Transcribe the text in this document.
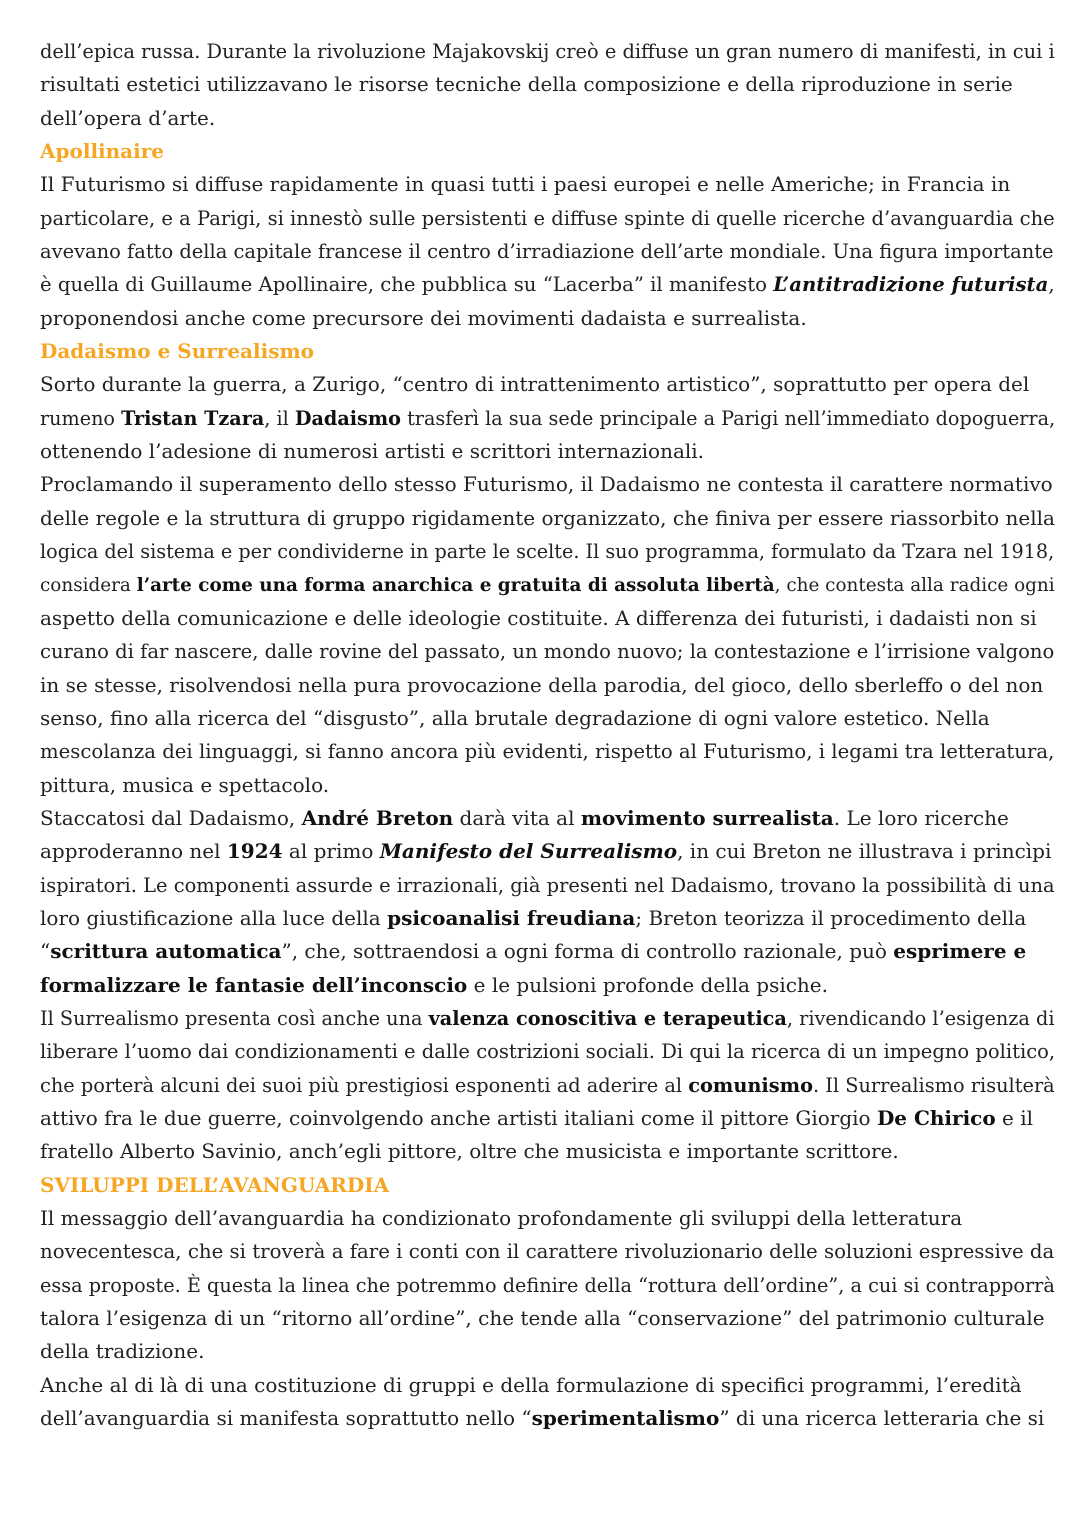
dell’epica russa. Durante la rivoluzione Majakovskij creò e diffuse un gran numero di manifesti, in cui i
risultati estetici utilizzavano le risorse tecniche della composizione e della riproduzione in serie
dell’opera d’arte.
Apollinaire
Il Futurismo si diffuse rapidamente in quasi tutti i paesi europei e nelle Americhe; in Francia in
particolare, e a Parigi, si innestò sulle persistenti e diffuse spinte di quelle ricerche d’avanguardia che
avevano fatto della capitale francese il centro d’irradiazione dell’arte mondiale. Una figura importante
è quella di Guillaume Apollinaire, che pubblica su “Lacerba” il manifesto L’antitradizione futurista,
proponendosi anche come precursore dei movimenti dadaista e surrealista.
Dadaismo e Surrealismo
Sorto durante la guerra, a Zurigo, “centro di intrattenimento artistico”, soprattutto per opera del
rumeno Tristan Tzara, il Dadaismo trasferì la sua sede principale a Parigi nell’immediato dopoguerra,
ottenendo l’adesione di numerosi artisti e scrittori internazionali.
Proclamando il superamento dello stesso Futurismo, il Dadaismo ne contesta il carattere normativo
delle regole e la struttura di gruppo rigidamente organizzato, che finiva per essere riassorbito nella
logica del sistema e per condividerne in parte le scelte. Il suo programma, formulato da Tzara nel 1918,
considera l’arte come una forma anarchica e gratuita di assoluta libertà, che contesta alla radice ogni
aspetto della comunicazione e delle ideologie costituite. A differenza dei futuristi, i dadaisti non si
curano di far nascere, dalle rovine del passato, un mondo nuovo; la contestazione e l’irrisione valgono
in se stesse, risolvendosi nella pura provocazione della parodia, del gioco, dello sberleffo o del non
senso, fino alla ricerca del “disgusto”, alla brutale degradazione di ogni valore estetico. Nella
mescolanza dei linguaggi, si fanno ancora più evidenti, rispetto al Futurismo, i legami tra letteratura,
pittura, musica e spettacolo.
Staccatosi dal Dadaismo, André Breton darà vita al movimento surrealista. Le loro ricerche
approderanno nel 1924 al primo Manifesto del Surrealismo, in cui Breton ne illustrava i princìpi
ispiratori. Le componenti assurde e irrazionali, già presenti nel Dadaismo, trovano la possibilità di una
loro giustificazione alla luce della psicoanalisi freudiana; Breton teorizza il procedimento della
“scrittura automatica”, che, sottraendosi a ogni forma di controllo razionale, può esprimere e
formalizzare le fantasie dell’inconscio e le pulsioni profonde della psiche.
Il Surrealismo presenta così anche una valenza conoscitiva e terapeutica, rivendicando l’esigenza di
liberare l’uomo dai condizionamenti e dalle costrizioni sociali. Di qui la ricerca di un impegno politico,
che porterà alcuni dei suoi più prestigiosi esponenti ad aderire al comunismo. Il Surrealismo risulterà
attivo fra le due guerre, coinvolgendo anche artisti italiani come il pittore Giorgio De Chirico e il
fratello Alberto Savinio, anch’egli pittore, oltre che musicista e importante scrittore.
SVILUPPI DELL’AVANGUARDIA
Il messaggio dell’avanguardia ha condizionato profondamente gli sviluppi della letteratura
novecentesca, che si troverà a fare i conti con il carattere rivoluzionario delle soluzioni espressive da
essa proposte. È questa la linea che potremmo definire della “rottura dell’ordine”, a cui si contrapporrà
talora l’esigenza di un “ritorno all’ordine”, che tende alla “conservazione” del patrimonio culturale
della tradizione.
Anche al di là di una costituzione di gruppi e della formulazione di specifici programmi, l’eredità
dell’avanguardia si manifesta soprattutto nello “sperimentalismo” di una ricerca letteraria che si
